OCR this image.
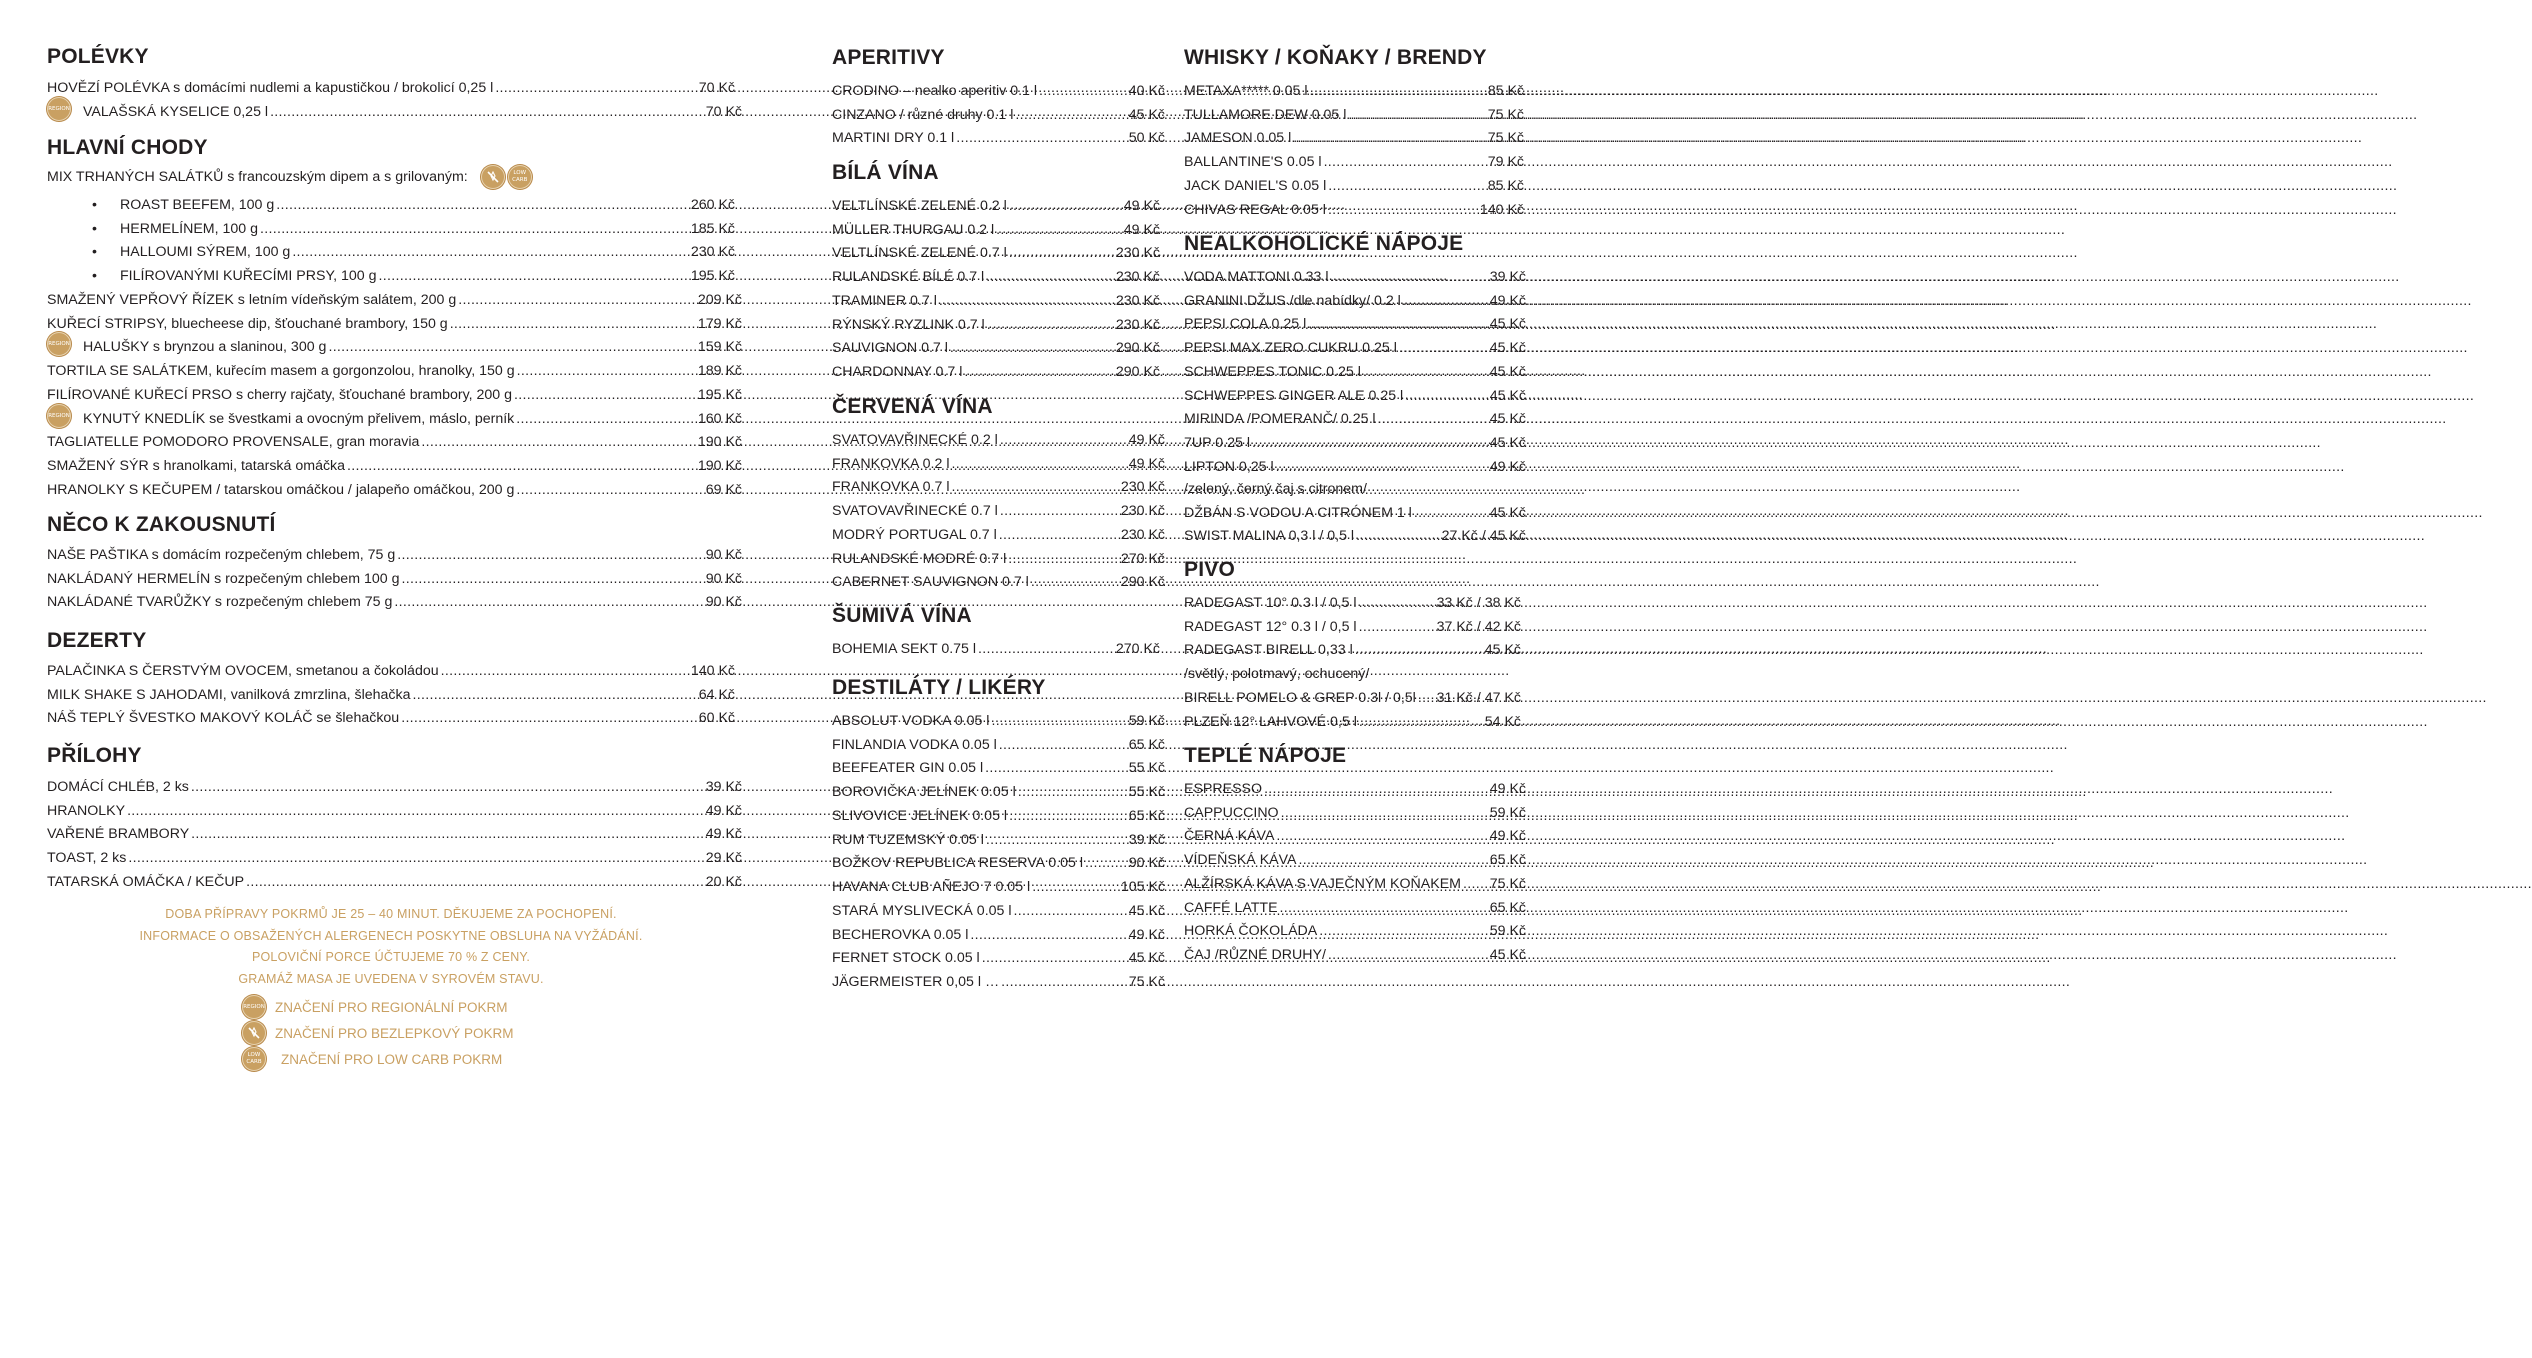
POLÉVKY
HOVĚZÍ POLÉVKA s domácími nudlemi a kapustičkou / brokolicí 0,25 l .....	70 Kč
REGION VALAŠSKÁ KYSELICE 0,25 l .....	70 Kč
HLAVNÍ CHODY
MIX TRHANÝCH SALÁTKŮ s francouzským dipem a s grilovaným:	LOW
CARB
•	ROAST BEEFEM, 100 g .....	260 Kč
•	HERMELÍNEM, 100 g .....	185 Kč
•	HALLOUMI SÝREM, 100 g .....	230 Kč
•	FILÍROVANÝMI KUŘECÍMI PRSY, 100 g .....	195 Kč
SMAŽENÝ VEPŘOVÝ ŘÍZEK s letním vídeňským salátem, 200 g .....	209 Kč
KUŘECÍ STRIPSY, bluecheese dip, šťouchané brambory, 150 g .....	179 Kč
REGION HALUŠKY s brynzou a slaninou, 300 g .....	159 Kč
TORTILA SE SALÁTKEM, kuřecím masem a gorgonzolou, hranolky, 150 g .....	189 Kč
FILÍROVANÉ KUŘECÍ PRSO s cherry rajčaty, šťouchané brambory, 200 g .....	195 Kč
REGION KYNUTÝ KNEDLÍK se švestkami a ovocným přelivem, máslo, perník .....	160 Kč
TAGLIATELLE POMODORO PROVENSALE, gran moravia .....	190 Kč
SMAŽENÝ SÝR s hranolkami, tatarská omáčka .....	190 Kč
HRANOLKY S KEČUPEM / tatarskou omáčkou / jalapeňo omáčkou, 200 g .....	69 Kč
NĚCO K ZAKOUSNUTÍ
NAŠE PAŠTIKA s domácím rozpečeným chlebem, 75 g .....	90 Kč
NAKLÁDANÝ HERMELÍN s rozpečeným chlebem 100 g .....	90 Kč
NAKLÁDANÉ TVARŮŽKY s rozpečeným chlebem 75 g .....	90 Kč
DEZERTY
PALAČINKA S ČERSTVÝM OVOCEM, smetanou a čokoládou .....	140 Kč
MILK SHAKE S JAHODAMI, vanilková zmrzlina, šlehačka .....	64 Kč
NÁŠ TEPLÝ ŠVESTKO MAKOVÝ KOLÁČ se šlehačkou .....	60 Kč
PŘÍLOHY
DOMÁCÍ CHLÉB, 2 ks .....	39 Kč
HRANOLKY .....	49 Kč
VAŘENÉ BRAMBORY .....	49 Kč
TOAST, 2 ks .....	29 Kč
TATARSKÁ OMÁČKA / KEČUP .....	20 Kč
DOBA PŘÍPRAVY POKRMŮ JE 25 – 40 MINUT. DĚKUJEME ZA POCHOPENÍ.
INFORMACE O OBSAŽENÝCH ALERGENECH POSKYTNE OBSLUHA NA VYŽÁDÁNÍ.
POLOVIČNÍ PORCE ÚČTUJEME 70 % Z CENY.
GRAMÁŽ MASA JE UVEDENA V SYROVÉM STAVU.
REGION ZNAČENÍ PRO REGIONÁLNÍ POKRM
ZNAČENÍ PRO BEZLEPKOVÝ POKRM
LOW
CARB	ZNAČENÍ PRO LOW CARB POKRM
APERITIVY
CRODINO – nealko aperitiv 0.1 l .....	40 Kč
CINZANO / různé druhy 0.1 l .....	45 Kč
MARTINI DRY 0.1 l .....	50 Kč
BÍLÁ VÍNA
VELTLÍNSKÉ ZELENÉ 0.2 l .....	49 Kč
MÜLLER THURGAU 0.2 l .....	49 Kč
VELTLÍNSKÉ ZELENÉ 0.7 l .....	230 Kč
RULANDSKÉ BÍLÉ 0.7 l .....	230 Kč
TRAMINER 0.7 l .....	230 Kč
RÝNSKÝ RYZLINK 0.7 l .....	230 Kč
SAUVIGNON 0.7 l .....	290 Kč
CHARDONNAY 0.7 l .....	290 Kč
ČERVENÁ VÍNA
SVATOVAVŘINECKÉ 0.2 l .....	49 Kč
FRANKOVKA 0.2 l .....	49 Kč
FRANKOVKA 0.7 l .....	230 Kč
SVATOVAVŘINECKÉ 0.7 l .....	230 Kč
MODRÝ PORTUGAL 0.7 l .....	230 Kč
RULANDSKÉ MODRÉ 0.7 l .....	270 Kč
CABERNET SAUVIGNON 0.7 l .....	290 Kč
ŠUMIVÁ VÍNA
BOHEMIA SEKT 0.75 l .....	270 Kč
DESTILÁTY / LIKÉRY
ABSOLUT VODKA 0.05 l .....	59 Kč
FINLANDIA VODKA 0.05 l .....	65 Kč
BEEFEATER GIN 0.05 l .....	55 Kč
BOROVIČKA JELÍNEK 0.05 l .....	55 Kč
SLIVOVICE JELÍNEK 0.05 l .....	65 Kč
RUM TUZEMSKÝ 0.05 l .....	39 Kč
BOŽKOV REPUBLICA RESERVA 0.05 l .....	90 Kč
HAVANA CLUB AÑEJO 7 0.05 l .....	105 Kč
STARÁ MYSLIVECKÁ 0.05 l .....	45 Kč
BECHEROVKA 0.05 l .....	49 Kč
FERNET STOCK 0.05 l .....	45 Kč
JÄGERMEISTER 0,05 l … .....	… 75 Kč
WHISKY / KOŇAKY / BRENDY
METAXA***** 0.05 l .....	85 Kč
TULLAMORE DEW 0.05 l .....	75 Kč
JAMESON 0.05 l .....	75 Kč
BALLANTINE'S 0.05 l .....	79 Kč
JACK DANIEL'S 0.05 l .....	85 Kč
CHIVAS REGAL 0.05 l .....	140 Kč
NEALKOHOLICKÉ NÁPOJE
VODA MATTONI 0.33 l .....	39 Kč
GRANINI DŽUS /dle nabídky/ 0.2 l .....	49 Kč
PEPSI COLA 0.25 l .....	45 Kč
PEPSI MAX ZERO CUKRU 0.25 l .....	45 Kč
SCHWEPPES TONIC 0.25 l .....	45 Kč
SCHWEPPES GINGER ALE 0.25 l .....	45 Kč
MIRINDA /POMERANČ/ 0.25 l .....	45 Kč
7UP 0.25 l .....	45 Kč
LIPTON 0,25 l .....	49 Kč
/zelený, černý čaj s citronem/
DŽBÁN S VODOU A CITRÓNEM 1 l .....	45 Kč
SWIST MALINA 0,3 l / 0,5 l .....	27 Kč / 45 Kč
PIVO
RADEGAST 10° 0.3 l / 0,5 l .....	33 Kč / 38 Kč
RADEGAST 12° 0.3 l / 0,5 l .....	37 Kč / 42 Kč
RADEGAST BIRELL 0,33 l .....	45 Kč
/světlý, polotmavý, ochucený/
BIRELL POMELO & GREP 0.3l / 0,5l ..... 31 Kč / 47 Kč
PLZEŇ 12° LAHVOVÉ 0,5 l .....	54 Kč
TEPLÉ NÁPOJE
ESPRESSO .....	49 Kč
CAPPUCCINO .....	59 Kč
ČERNÁ KÁVA .....	49 Kč
VÍDEŇSKÁ KÁVA .....	65 Kč
ALŽÍRSKÁ KÁVA S VAJEČNÝM KOŇAKEM ..... 75 Kč
CAFFÉ LATTE .....	65 Kč
HORKÁ ČOKOLÁDA .....	59 Kč
ČAJ /RŮZNÉ DRUHY/ .....	45 Kč
